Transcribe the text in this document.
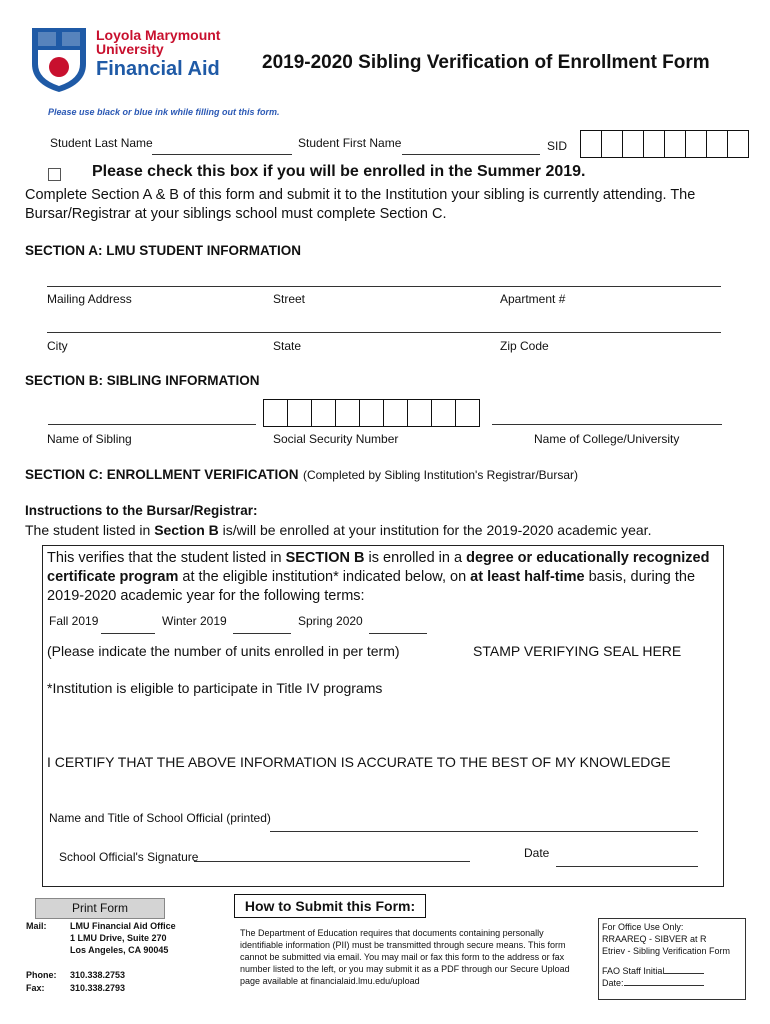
Loyola Marymount
University
Financial Aid 2019-2020 Sibling Verification of Enrollment Form
Please use black or blue ink while filling out this form.
Student Last Name	Student First Name	SID
Please check this box if you will be enrolled in the Summer 2019.
Complete Section A & B of this form and submit it to the Institution your sibling is currently attending. The Bursar/Registrar at your siblings school must complete Section C.
SECTION A: LMU STUDENT INFORMATION
Mailing Address	Street	Apartment #
City	State	Zip Code
SECTION B: SIBLING INFORMATION
Name of Sibling	Social Security Number	Name of College/University
SECTION C: ENROLLMENT VERIFICATION (Completed by Sibling Institution's Registrar/Bursar)
Instructions to the Bursar/Registrar:
The student listed in Section B is/will be enrolled at your institution for the 2019-2020 academic year.
This verifies that the student listed in SECTION B is enrolled in a degree or educationally recognized certificate program at the eligible institution* indicated below, on at least half-time basis, during the 2019-2020 academic year for the following terms:
Fall 2019	Winter 2019	Spring 2020
(Please indicate the number of units enrolled in per term)	STAMP VERIFYING SEAL HERE
*Institution is eligible to participate in Title IV programs
I CERTIFY THAT THE ABOVE INFORMATION IS ACCURATE TO THE BEST OF MY KNOWLEDGE
Name and Title of School Official (printed)
School Official's Signature	Date
Print Form	How to Submit this Form:
Mail:	LMU Financial Aid Office
1 LMU Drive, Suite 270
Los Angeles, CA 90045
Phone: 310.338.2753
Fax:	310.338.2793
The Department of Education requires that documents containing personally identifiable information (PII) must be transmitted through secure means. This form cannot be submitted via email. You may mail or fax this form to the address or fax number listed to the left, or you may submit it as a PDF through our Secure Upload page available at financialaid.lmu.edu/upload
For Office Use Only:
RRAAREQ - SIBVER at R
Etriev - Sibling Verification Form
FAO Staff Initial
Date:
